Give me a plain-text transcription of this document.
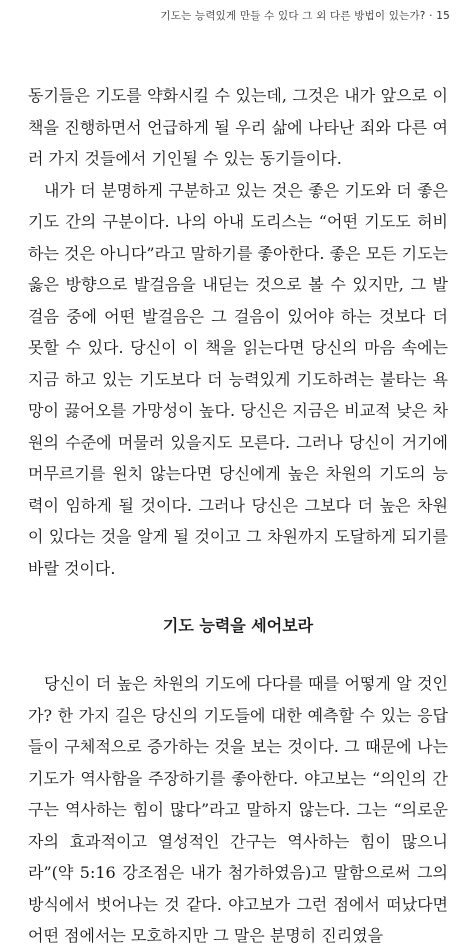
기도는 능력있게 만들 수 있다 그 외 다른 방법이 있는가? · 15

동기들은 기도를 약화시킬 수 있는데, 그것은 내가 앞으로 이 책을 진행하면서 언급하게 될 우리 삶에 나타난 죄와 다른 여러 가지 것들에서 기인될 수 있는 동기들이다.

내가 더 분명하게 구분하고 있는 것은 좋은 기도와 더 좋은 기도 간의 구분이다. 나의 아내 도리스는 “어떤 기도도 허비하는 것은 아니다”라고 말하기를 좋아한다. 좋은 모든 기도는 옳은 방향으로 발걸음을 내딛는 것으로 볼 수 있지만, 그 발걸음 중에 어떤 발걸음은 그 걸음이 있어야 하는 것보다 더 못할 수 있다. 당신이 이 책을 읽는다면 당신의 마음 속에는 지금 하고 있는 기도보다 더 능력있게 기도하려는 불타는 욕망이 끓어오를 가망성이 높다. 당신은 지금은 비교적 낮은 차원의 수준에 머물러 있을지도 모른다. 그러나 당신이 거기에 머무르기를 원치 않는다면 당신에게 높은 차원의 기도의 능력이 임하게 될 것이다. 그러나 당신은 그보다 더 높은 차원이 있다는 것을 알게 될 것이고 그 차원까지 도달하게 되기를 바랄 것이다.

기도 능력을 세어보라

당신이 더 높은 차원의 기도에 다다를 때를 어떻게 알 것인가? 한 가지 길은 당신의 기도들에 대한 예측할 수 있는 응답들이 구체적으로 증가하는 것을 보는 것이다. 그 때문에 나는 기도가 역사함을 주장하기를 좋아한다. 야고보는 “의인의 간구는 역사하는 힘이 많다”라고 말하지 않는다. 그는 “의로운 자의 효과적이고 열성적인 간구는 역사하는 힘이 많으니라”(약 5:16 강조점은 내가 첨가하였음)고 말함으로써 그의 방식에서 벗어나는 것 같다. 야고보가 그런 점에서 떠났다면 어떤 점에서는 모호하지만 그 말은 분명히 진리였을
